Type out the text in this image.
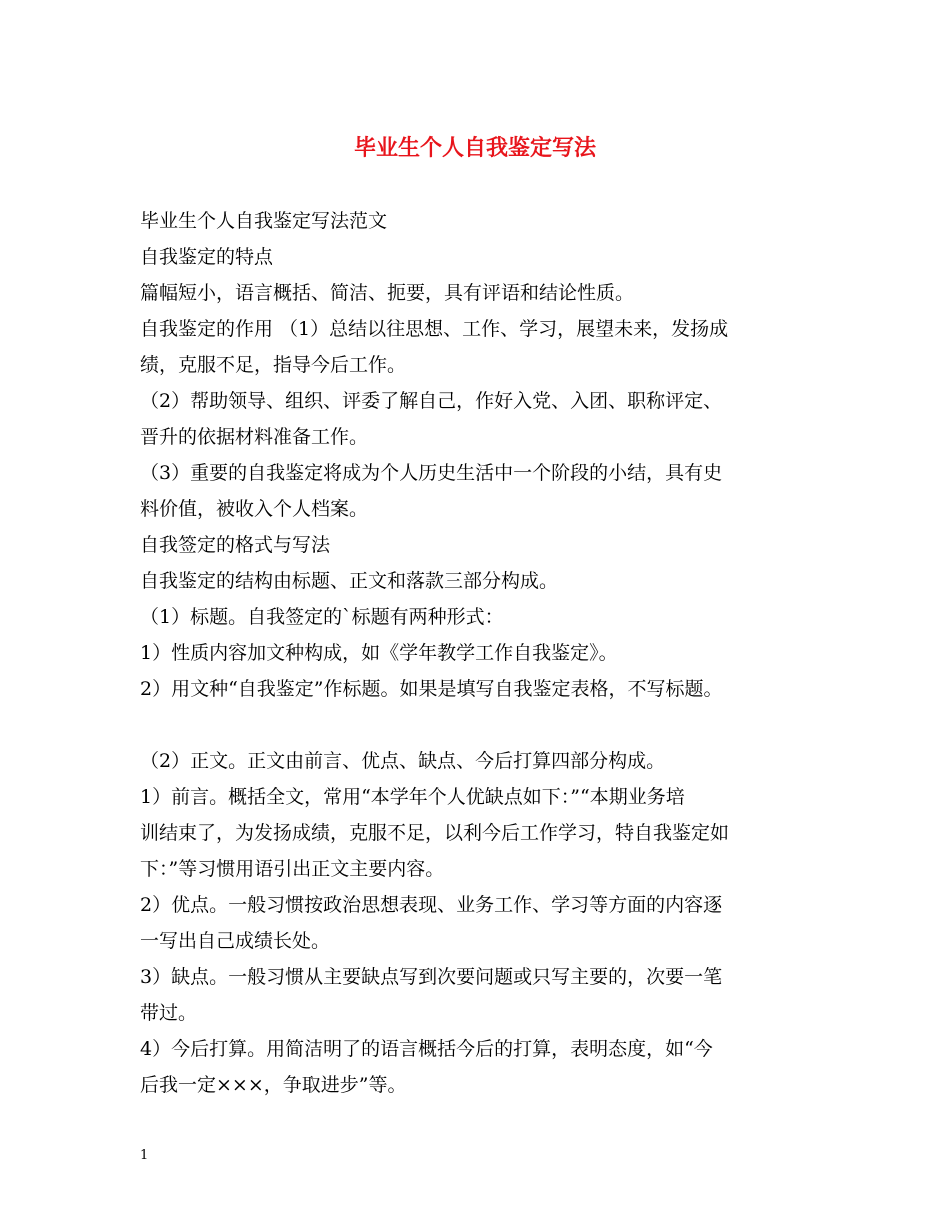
毕业生个人自我鉴定写法

毕业生个人自我鉴定写法范文

自我鉴定的特点

篇幅短小，语言概括、简洁、扼要，具有评语和结论性质。

自我鉴定的作用 （1）总结以往思想、工作、学习，展望未来，发扬成

绩，克服不足，指导今后工作。

（2）帮助领导、组织、评委了解自己，作好入党、入团、职称评定、

晋升的依据材料准备工作。

（3）重要的自我鉴定将成为个人历史生活中一个阶段的小结，具有史

料价值，被收入个人档案。

自我签定的格式与写法

自我鉴定的结构由标题、正文和落款三部分构成。

（1）标题。自我签定的`标题有两种形式：

1）性质内容加文种构成，如《学年教学工作自我鉴定》。

2）用文种“自我鉴定”作标题。如果是填写自我鉴定表格，不写标题。

（2）正文。正文由前言、优点、缺点、今后打算四部分构成。

1）前言。概括全文，常用“本学年个人优缺点如下：”“本期业务培

训结束了，为发扬成绩，克服不足，以利今后工作学习，特自我鉴定如

下：”等习惯用语引出正文主要内容。

2）优点。一般习惯按政治思想表现、业务工作、学习等方面的内容逐

一写出自己成绩长处。

3）缺点。一般习惯从主要缺点写到次要问题或只写主要的，次要一笔

带过。

4）今后打算。用简洁明了的语言概括今后的打算，表明态度，如“今

后我一定×××，争取进步”等。

1
